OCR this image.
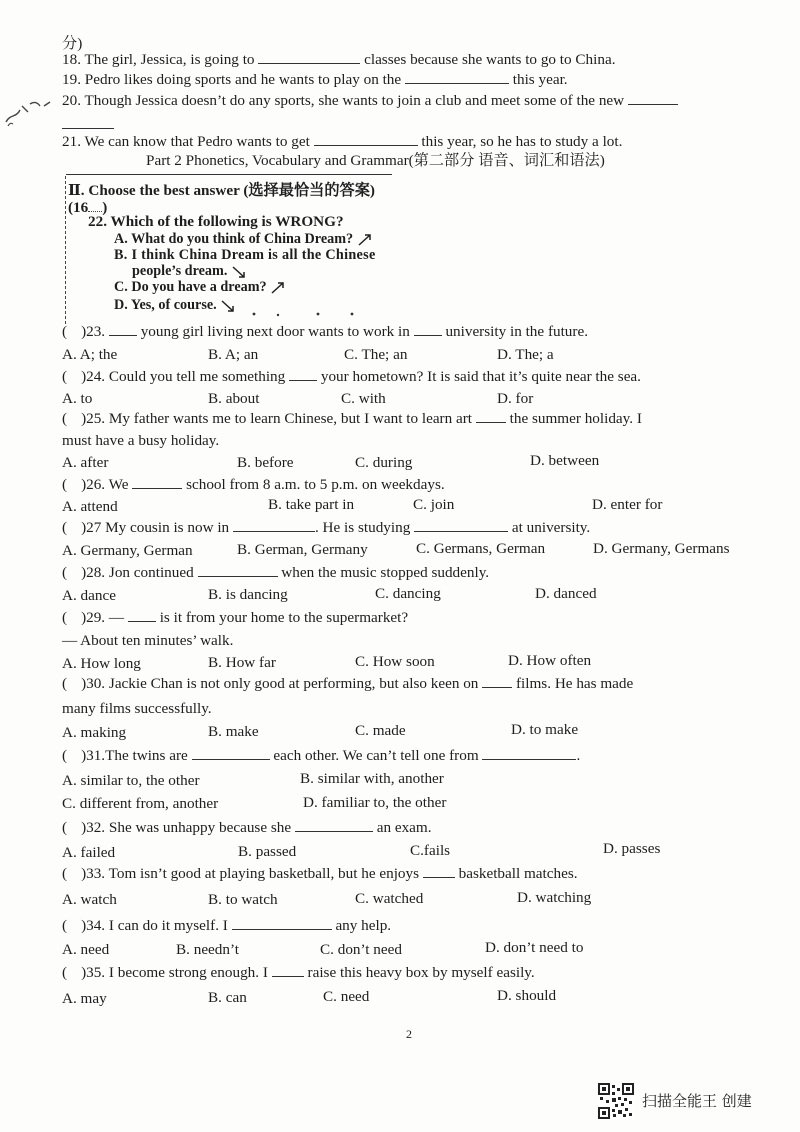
分)
18. The girl, Jessica, is going to	classes because she wants to go to China.
19. Pedro likes doing sports and he wants to play on the	this year.
20. Though Jessica doesn’t do any sports, she wants to join a club and meet some of the new
21. We can know that Pedro wants to get	this year, so he has to study a lot.
Part 2 Phonetics, Vocabulary and Grammar(第二部分 语音、词汇和语法)
Ⅱ. Choose the best answer (选择最恰当的答案)
(16 )
22. Which of the following is WRONG?
A. What do you think of China Dream?
B. I think China Dream is all the Chinese
people’s dream.
C. Do you have a dream?
D. Yes, of course.
( )23. young girl living next door wants to work in university in the future.
A. A; the	B. A; an	C. The; an	D. The; a
( )24. Could you tell me something your hometown? It is said that it’s quite near the sea.
A. to	B. about	C. with	D. for
( )25. My father wants me to learn Chinese, but I want to learn art the summer holiday. I
must have a busy holiday.
A. after	B. before	C. during	D. between
( )26. We	school from 8 a.m. to 5 p.m. on weekdays.
A. attend	B. take part in	C. join	D. enter for
( )27 My cousin is now in	. He is studying	at university.
A. Germany, German	B. German, Germany	C. Germans, German	D. Germany, Germans
( )28. Jon continued	when the music stopped suddenly.
A. dance	B. is dancing	C. dancing	D. danced
( )29. — is it from your home to the supermarket?
— About ten minutes’ walk.
A. How long	B. How far	C. How soon	D. How often
( )30. Jackie Chan is not only good at performing, but also keen on films. He has made
many films successfully.
A. making	B. make	C. made	D. to make
( )31.The twins are	each other. We can’t tell one from	.
A. similar to, the other	B. similar with, another
C. different from, another	D. familiar to, the other
( )32. She was unhappy because she	an exam.
A. failed	B. passed	C.fails	D. passes
( )33. Tom isn’t good at playing basketball, but he enjoys	basketball matches.
A. watch	B. to watch	C. watched	D. watching
( )34. I can do it myself. I	any help.
A. need	B. needn’t	C. don’t need	D. don’t need to
( )35. I become strong enough. I	raise this heavy box by myself easily.
A. may	B. can	C. need	D. should
2
扫描全能王 创建
